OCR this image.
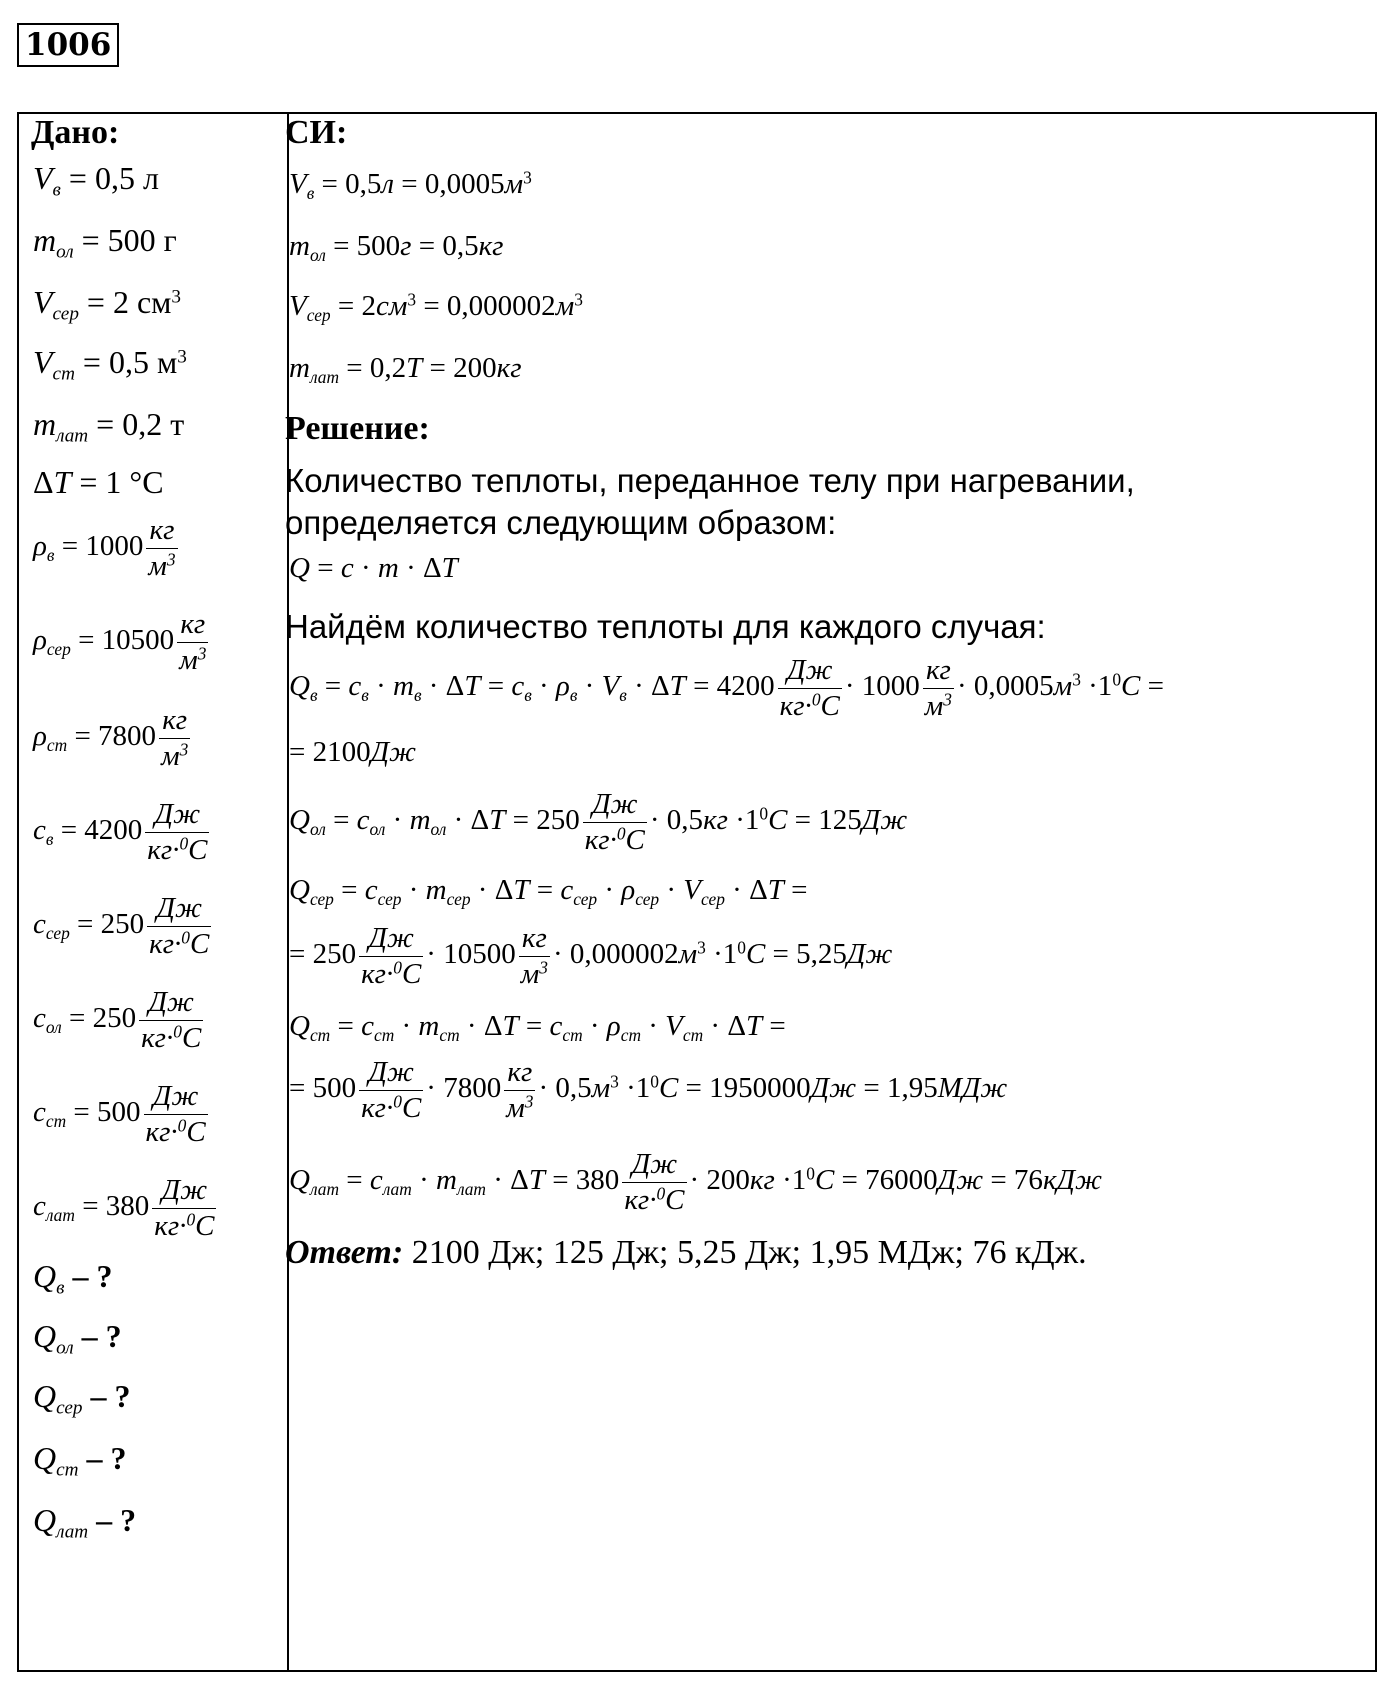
1006
Дано:
$V_в = 0,5$ л
$m_{ол} = 500$ г
$V_{сер} = 2$ $см^3$
$V_{ст} = 0,5$ $м^3$
$m_{лат} = 0,2$ т
ΔT = 1 °C
$\rho_в = 1000$
кг
$м^3$
$\rho_{сер} = 10500$
кг
$м^3$
$\rho_{ст} = 7800$
кг
$м^3$
$c_в = 4200$
Дж
кг·$^0$C
$c_{сер} = 250$
Дж
кг·$^0$C
$c_{ол} = 250$
Дж
кг·$^0$C
$c_{ст} = 500$
Дж
кг·$^0$C
$c_{лат} = 380$
Дж
кг·$^0$C
$Q_в$ – ?
$Q_{ол}$ – ?
$Q_{сер}$ – ?
$Q_{ст}$ – ?
$Q_{лат}$ – ?
СИ:
$V_в = 0,5л = 0,0005м^3$
$m_{ол} = 500г = 0,5кг$
$V_{сер} = 2см^3 = 0,000002м^3$
$m_{лат} = 0,2Т = 200кг$
Решение:
Количество теплоты, переданное телу при нагревании,
определяется следующим образом:
Q = c · m · ΔT
Найдём количество теплоты для каждого случая:
$Q_в = c_в \cdot m_в \cdot \Delta T = c_в \cdot \rho_в \cdot V_в \cdot \Delta T = 4200$
Дж
кг·$^0$C
· 1000
кг
$м^3 \cdot 0,0005м^3 \cdot 1^0C$ =
= 2100Дж
$Q_{ол} = c_{ол} \cdot m_{ол} \cdot \Delta T = 250$
Дж
кг·$^0$C
· $0,5кг \cdot 1^0C = 125Дж$
$Q_{сер} = c_{сер} \cdot m_{сер} \cdot \Delta T = c_{сер} \cdot \rho_{сер} \cdot V_{сер} \cdot \Delta T$ =
= 250
Дж
кг·$^0$C
· 10500
кг
$м^3 \cdot 0,000002м^3 \cdot 1^0C = 5,25Дж$
$Q_{ст} = c_{ст} \cdot m_{ст} \cdot \Delta T = c_{ст} \cdot \rho_{ст} \cdot V_{ст} \cdot \Delta T$ =
= 500
Дж
кг·$^0$C
· 7800
кг
$м^3 \cdot 0,5м^3 \cdot 1^0C = 1950000Дж = 1,95МДж$
$Q_{лат} = c_{лат} \cdot m_{лат} \cdot \Delta T = 380$
Дж
кг·$^0$C
· $200кг \cdot 1^0C = 76000Дж = 76кДж$
Ответ: 2100 Дж; 125 Дж; 5,25 Дж; 1,95 МДж; 76 кДж.
